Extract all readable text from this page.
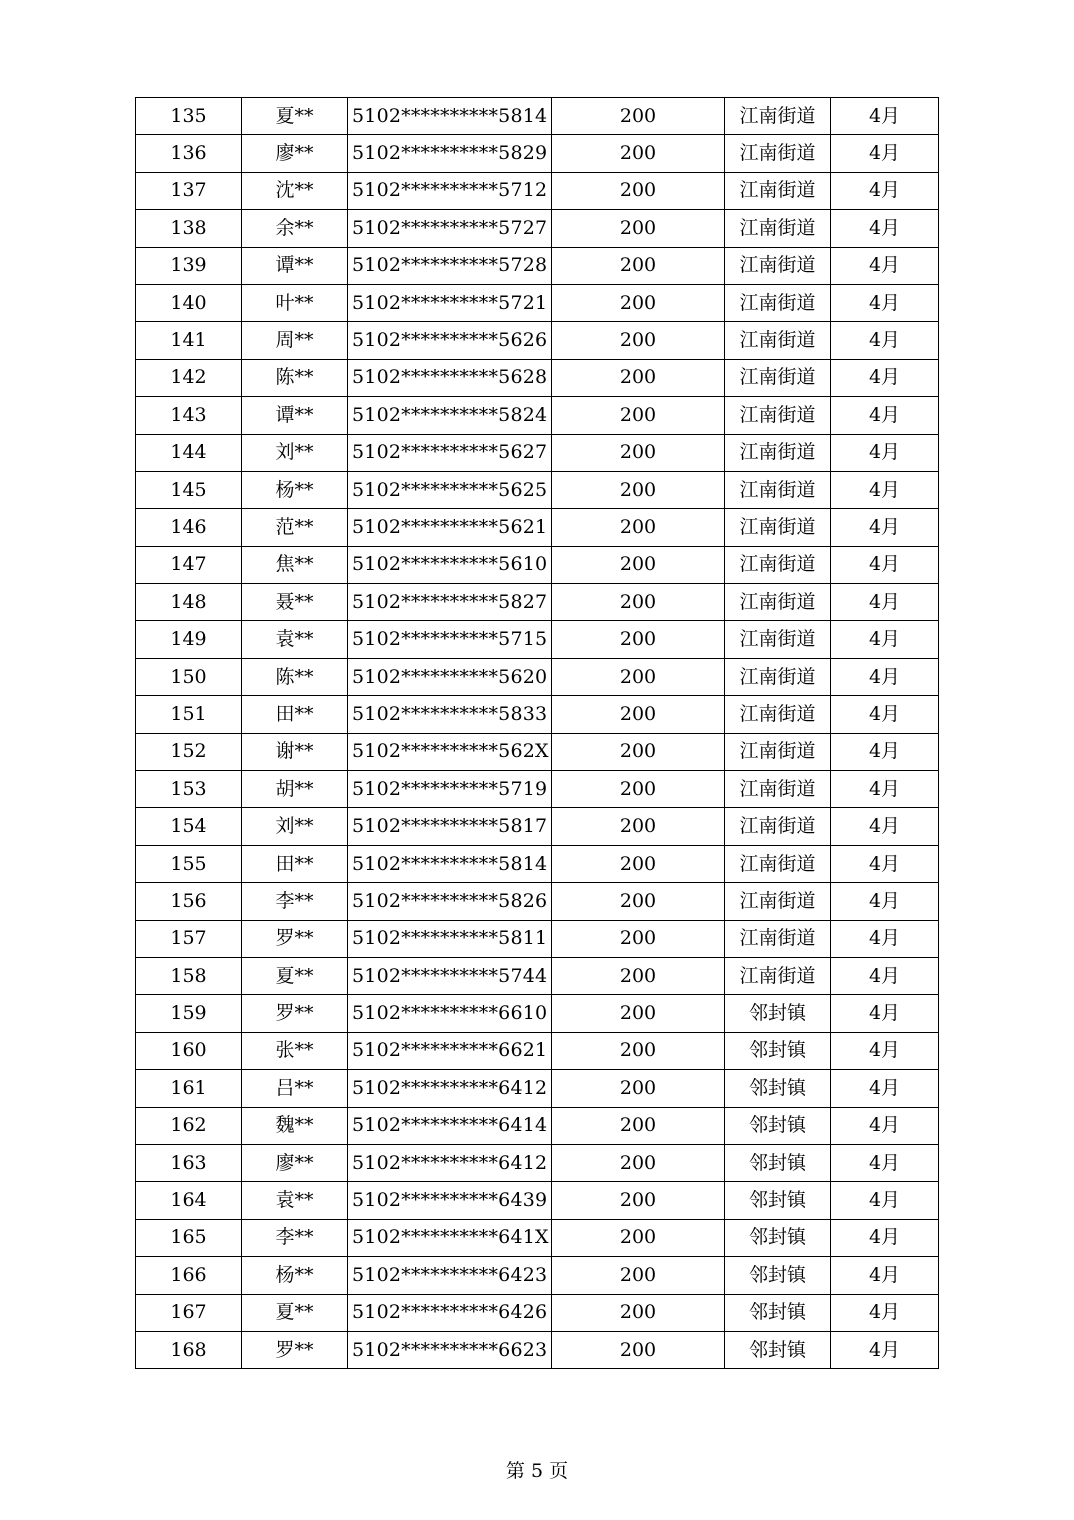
135	夏**	5102**********5814	200	江南街道	4月
136	廖**	5102**********5829	200	江南街道	4月
137	沈**	5102**********5712	200	江南街道	4月
138	余**	5102**********5727	200	江南街道	4月
139	谭**	5102**********5728	200	江南街道	4月
140	叶**	5102**********5721	200	江南街道	4月
141	周**	5102**********5626	200	江南街道	4月
142	陈**	5102**********5628	200	江南街道	4月
143	谭**	5102**********5824	200	江南街道	4月
144	刘**	5102**********5627	200	江南街道	4月
145	杨**	5102**********5625	200	江南街道	4月
146	范**	5102**********5621	200	江南街道	4月
147	焦**	5102**********5610	200	江南街道	4月
148	聂**	5102**********5827	200	江南街道	4月
149	袁**	5102**********5715	200	江南街道	4月
150	陈**	5102**********5620	200	江南街道	4月
151	田**	5102**********5833	200	江南街道	4月
152	谢**	5102**********562X	200	江南街道	4月
153	胡**	5102**********5719	200	江南街道	4月
154	刘**	5102**********5817	200	江南街道	4月
155	田**	5102**********5814	200	江南街道	4月
156	李**	5102**********5826	200	江南街道	4月
157	罗**	5102**********5811	200	江南街道	4月
158	夏**	5102**********5744	200	江南街道	4月
159	罗**	5102**********6610	200	邻封镇	4月
160	张**	5102**********6621	200	邻封镇	4月
161	吕**	5102**********6412	200	邻封镇	4月
162	魏**	5102**********6414	200	邻封镇	4月
163	廖**	5102**********6412	200	邻封镇	4月
164	袁**	5102**********6439	200	邻封镇	4月
165	李**	5102**********641X	200	邻封镇	4月
166	杨**	5102**********6423	200	邻封镇	4月
167	夏**	5102**********6426	200	邻封镇	4月
168	罗**	5102**********6623	200	邻封镇	4月
第 5 页
